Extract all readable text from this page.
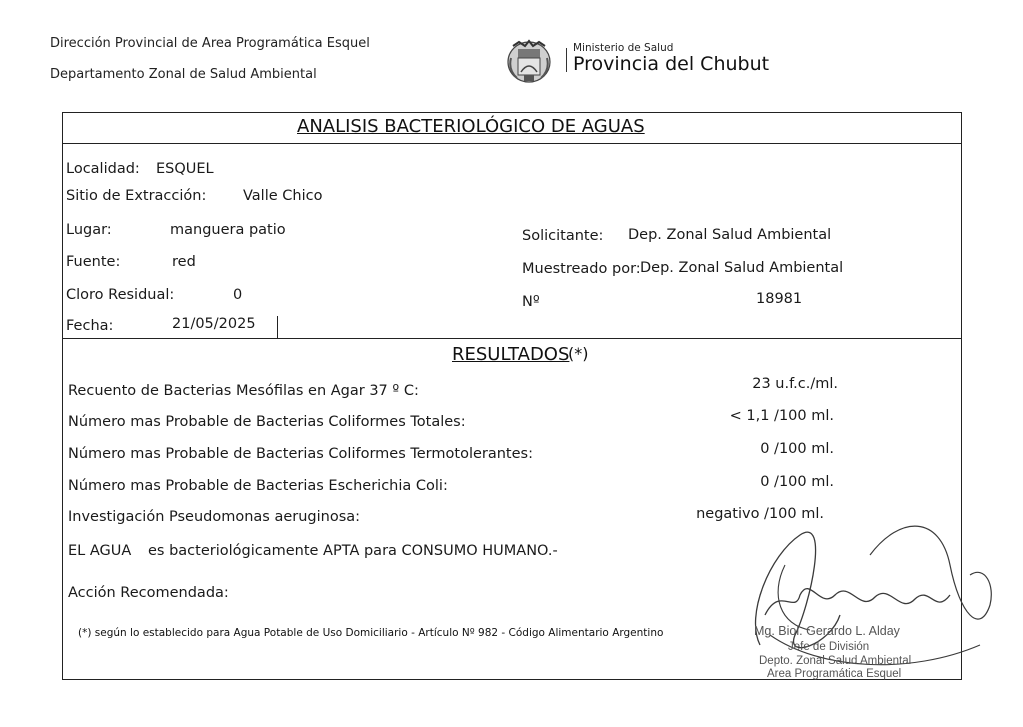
Dirección Provincial de Area Programática Esquel
Departamento Zonal de Salud Ambiental
Ministerio de Salud
Provincia del Chubut
ANALISIS BACTERIOLÓGICO DE AGUAS
Localidad: ESQUEL
Sitio de Extracción:	Valle Chico
Lugar:	manguera patio
Fuente:	red
Cloro Residual:	0
Fecha:	21/05/2025
Solicitante: Dep. Zonal Salud Ambiental
Muestreado por: Dep. Zonal Salud Ambiental
Nº	18981
RESULTADOS
(*)
Recuento de Bacterias Mesófilas en Agar 37 º C:	23 u.f.c./ml.
Número mas Probable de Bacterias Coliformes Totales:	< 1,1 /100 ml.
Número mas Probable de Bacterias Coliformes Termotolerantes:	0 /100 ml.
Número mas Probable de Bacterias Escherichia Coli:	0 /100 ml.
Investigación Pseudomonas aeruginosa:	negativo /100 ml.
EL AGUA es bacteriológicamente APTA para CONSUMO HUMANO.-
Acción Recomendada:
(*) según lo establecido para Agua Potable de Uso Domiciliario - Artículo Nº 982 - Código Alimentario Argentino	Mg. Biol. Gerardo L. Alday
Jefe de División
Depto. Zonal Salud Ambiental
Area Programática Esquel
